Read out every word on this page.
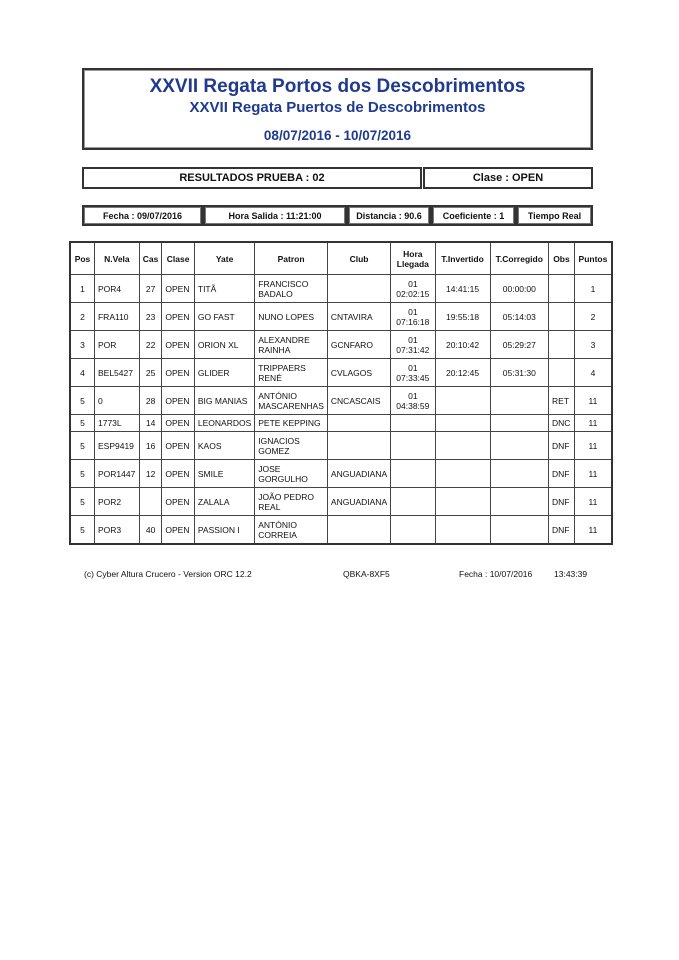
XXVII Regata Portos dos Descobrimentos
XXVII Regata Puertos de Descobrimentos
08/07/2016 - 10/07/2016
RESULTADOS PRUEBA : 02	Clase : OPEN
Fecha : 09/07/2016	Hora Salida : 11:21:00	Distancia : 90.6	Coeficiente : 1	Tiempo Real
Pos	N.Vela	Cas	Clase	Yate	Patron	Club	Hora Llegada	T.Invertido	T.Corregido	Obs	Puntos
1	POR4	27	OPEN	TITÃ	FRANCISCO BADALO		01 02:02:15	14:41:15	00:00:00		1
2	FRA110	23	OPEN	GO FAST	NUNO LOPES	CNTAVIRA	01 07:16:18	19:55:18	05:14:03		2
3	POR	22	OPEN	ORION XL	ALEXANDRE RAINHA	GCNFARO	01 07:31:42	20:10:42	05:29:27		3
4	BEL5427	25	OPEN	GLIDER	TRIPPAERS RENÉ	CVLAGOS	01 07:33:45	20:12:45	05:31:30		4
5	0	28	OPEN	BIG MANIAS	ANTÓNIO MASCARENHAS	CNCASCAIS	01 04:38:59			RET	11
5	1773L	14	OPEN	LEONARDOS	PETE KEPPING					DNC	11
5	ESP9419	16	OPEN	KAOS	IGNACIOS GOMEZ					DNF	11
5	POR1447	12	OPEN	SMILE	JOSE GORGULHO	ANGUADIANA				DNF	11
5	POR2		OPEN	ZALALA	JOÃO PEDRO REAL	ANGUADIANA				DNF	11
5	POR3	40	OPEN	PASSION I	ANTÓNIO CORREIA					DNF	11
(c) Cyber Altura Crucero - Version ORC 12.2	QBKA-8XF5	Fecha : 10/07/2016	13:43:39
